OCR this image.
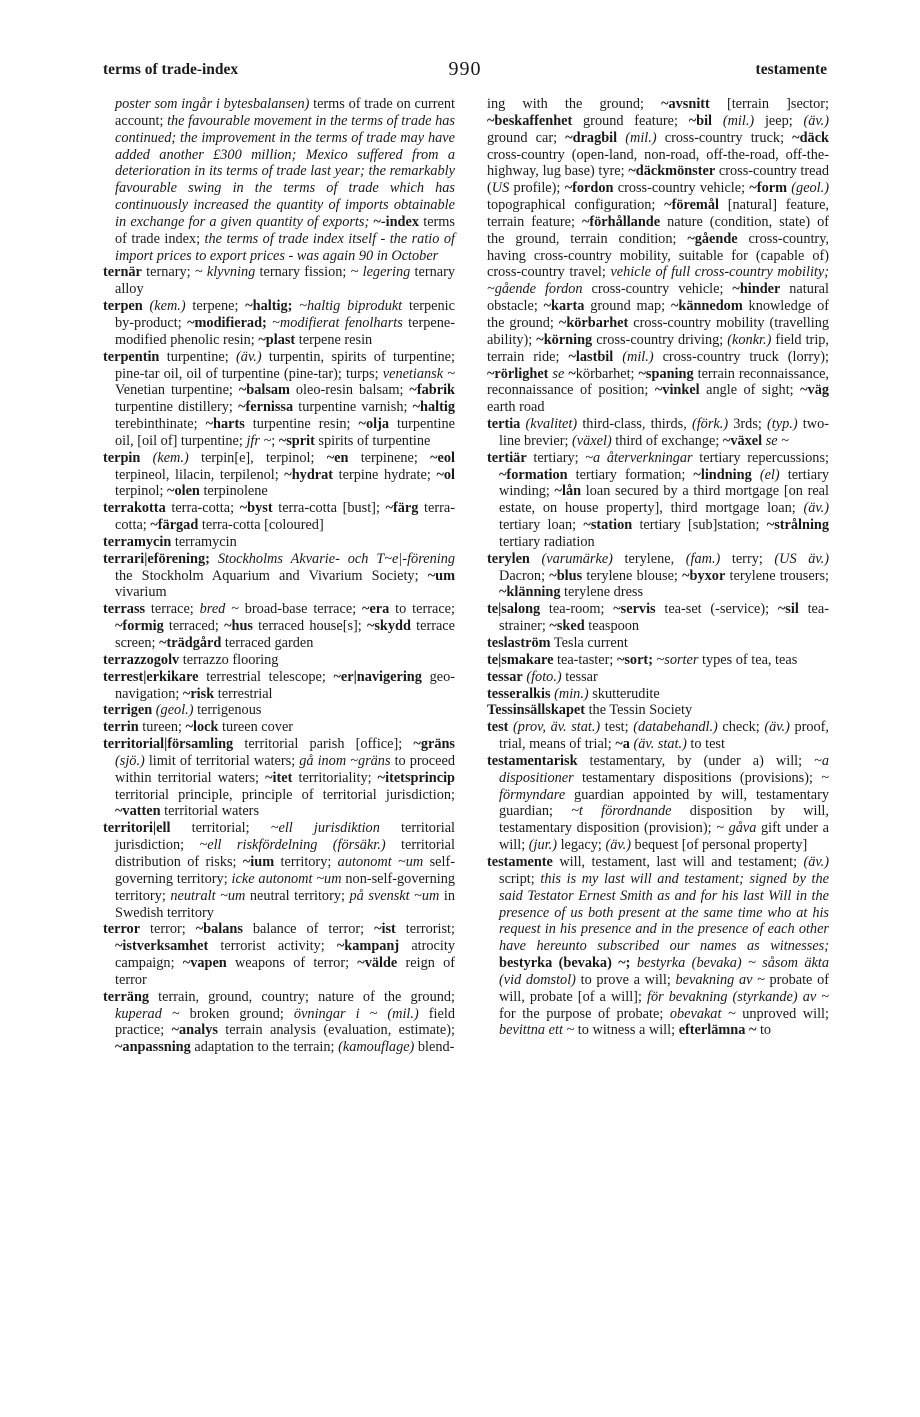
terms of trade-index	990	testamente

poster som ingår i bytesbalansen) terms of trade on current account; the favourable movement in the terms of trade has continued; the improvement in the terms of trade may have added another £300 million; Mexico suffered from a deterioration in its terms of trade last year; the remarkably favourable swing in the terms of trade which has continuously increased the quantity of imports obtainable in exchange for a given quantity of exports; ~-index terms of trade index; the terms of trade index itself - the ratio of import prices to export prices - was again 90 in October

ternär ternary; ~ klyvning ternary fission; ~ legering ternary alloy

terpen (kem.) terpene; ~haltig; ~haltig biprodukt terpenic by-product; ~modifierad; ~modifierat fenolharts terpene-modified phenolic resin; ~plast terpene resin

terpentin turpentine; (äv.) turpentin, spirits of turpentine; pine-tar oil, oil of turpentine (pine-tar); turps; venetiansk ~ Venetian turpentine; ~balsam oleo-resin balsam; ~fabrik turpentine distillery; ~fernissa turpentine varnish; ~haltig terebinthinate; ~harts turpentine resin; ~olja turpentine oil, [oil of] turpentine; jfr ~; ~sprit spirits of turpentine

terpin (kem.) terpin[e], terpinol; ~en terpinene; ~eol terpineol, lilacin, terpilenol; ~hydrat terpine hydrate; ~ol terpinol; ~olen terpinolene

terrakotta terra-cotta; ~byst terra-cotta [bust]; ~färg terra-cotta; ~färgad terra-cotta [coloured]

terramycin terramycin

terrari|eförening; Stockholms Akvarie- och T~e|-förening the Stockholm Aquarium and Vivarium Society; ~um vivarium

terrass terrace; bred ~ broad-base terrace; ~era to terrace; ~formig terraced; ~hus terraced house[s]; ~skydd terrace screen; ~trädgård terraced garden

terrazzogolv terrazzo flooring

terrest|erkikare terrestrial telescope; ~er|navigering geo-navigation; ~risk terrestrial

terrigen (geol.) terrigenous

terrin tureen; ~lock tureen cover

territorial|församling territorial parish [office]; ~gräns (sjö.) limit of territorial waters; gå inom ~gräns to proceed within territorial waters; ~itet territoriality; ~itetsprincip territorial principle, principle of territorial jurisdiction; ~vatten territorial waters

territori|ell territorial; ~ell jurisdiktion territorial jurisdiction; ~ell riskfördelning (försäkr.) territorial distribution of risks; ~ium territory; autonomt ~um self-governing territory; icke autonomt ~um non-self-governing territory; neutralt ~um neutral territory; på svenskt ~um in Swedish territory

terror terror; ~balans balance of terror; ~ist terrorist; ~istverksamhet terrorist activity; ~kampanj atrocity campaign; ~vapen weapons of terror; ~välde reign of terror

terräng terrain, ground, country; nature of the ground; kuperad ~ broken ground; övningar i ~ (mil.) field practice; ~analys terrain analysis (evaluation, estimate); ~anpassning adaptation to the terrain; (kamouflage) blend-

ing with the ground; ~avsnitt [terrain ]sector; ~beskaffenhet ground feature; ~bil (mil.) jeep; (äv.) ground car; ~dragbil (mil.) cross-country truck; ~däck cross-country (open-land, non-road, off-the-road, off-the-highway, lug base) tyre; ~däckmönster cross-country tread (US profile); ~fordon cross-country vehicle; ~form (geol.) topographical configuration; ~föremål [natural] feature, terrain feature; ~förhållande nature (condition, state) of the ground, terrain condition; ~gående cross-country, having cross-country mobility, suitable for (capable of) cross-country travel; vehicle of full cross-country mobility; ~gående fordon cross-country vehicle; ~hinder natural obstacle; ~karta ground map; ~kännedom knowledge of the ground; ~körbarhet cross-country mobility (travelling ability); ~körning cross-country driving; (konkr.) field trip, terrain ride; ~lastbil (mil.) cross-country truck (lorry); ~rörlighet se ~körbarhet; ~spaning terrain reconnaissance, reconnaissance of position; ~vinkel angle of sight; ~väg earth road

tertia (kvalitet) third-class, thirds, (förk.) 3rds; (typ.) two-line brevier; (växel) third of exchange; ~växel se ~

tertiär tertiary; ~a återverkningar tertiary repercussions; ~formation tertiary formation; ~lindning (el) tertiary winding; ~lån loan secured by a third mortgage [on real estate, on house property], third mortgage loan; (äv.) tertiary loan; ~station tertiary [sub]station; ~strålning tertiary radiation

terylen (varumärke) terylene, (fam.) terry; (US äv.) Dacron; ~blus terylene blouse; ~byxor terylene trousers; ~klänning terylene dress

te|salong tea-room; ~servis tea-set (-service); ~sil tea-strainer; ~sked teaspoon

teslaström Tesla current

te|smakare tea-taster; ~sort; ~sorter types of tea, teas

tessar (foto.) tessar

tesseralkis (min.) skutterudite

Tessinsällskapet the Tessin Society

test (prov, äv. stat.) test; (databehandl.) check; (äv.) proof, trial, means of trial; ~a (äv. stat.) to test

testamentarisk testamentary, by (under a) will; ~a dispositioner testamentary dispositions (provisions); ~ förmyndare guardian appointed by will, testamentary guardian; ~t förordnande disposition by will, testamentary disposition (provision); ~ gåva gift under a will; (jur.) legacy; (äv.) bequest [of personal property]

testamente will, testament, last will and testament; (äv.) script; this is my last will and testament; signed by the said Testator Ernest Smith as and for his last Will in the presence of us both present at the same time who at his request in his presence and in the presence of each other have hereunto subscribed our names as witnesses; bestyrka (bevaka) ~; bestyrka (bevaka) ~ såsom äkta (vid domstol) to prove a will; bevakning av ~ probate of will, probate [of a will]; för bevakning (styrkande) av ~ for the purpose of probate; obevakat ~ unproved will; bevittna ett ~ to witness a will; efterlämna ~ to
